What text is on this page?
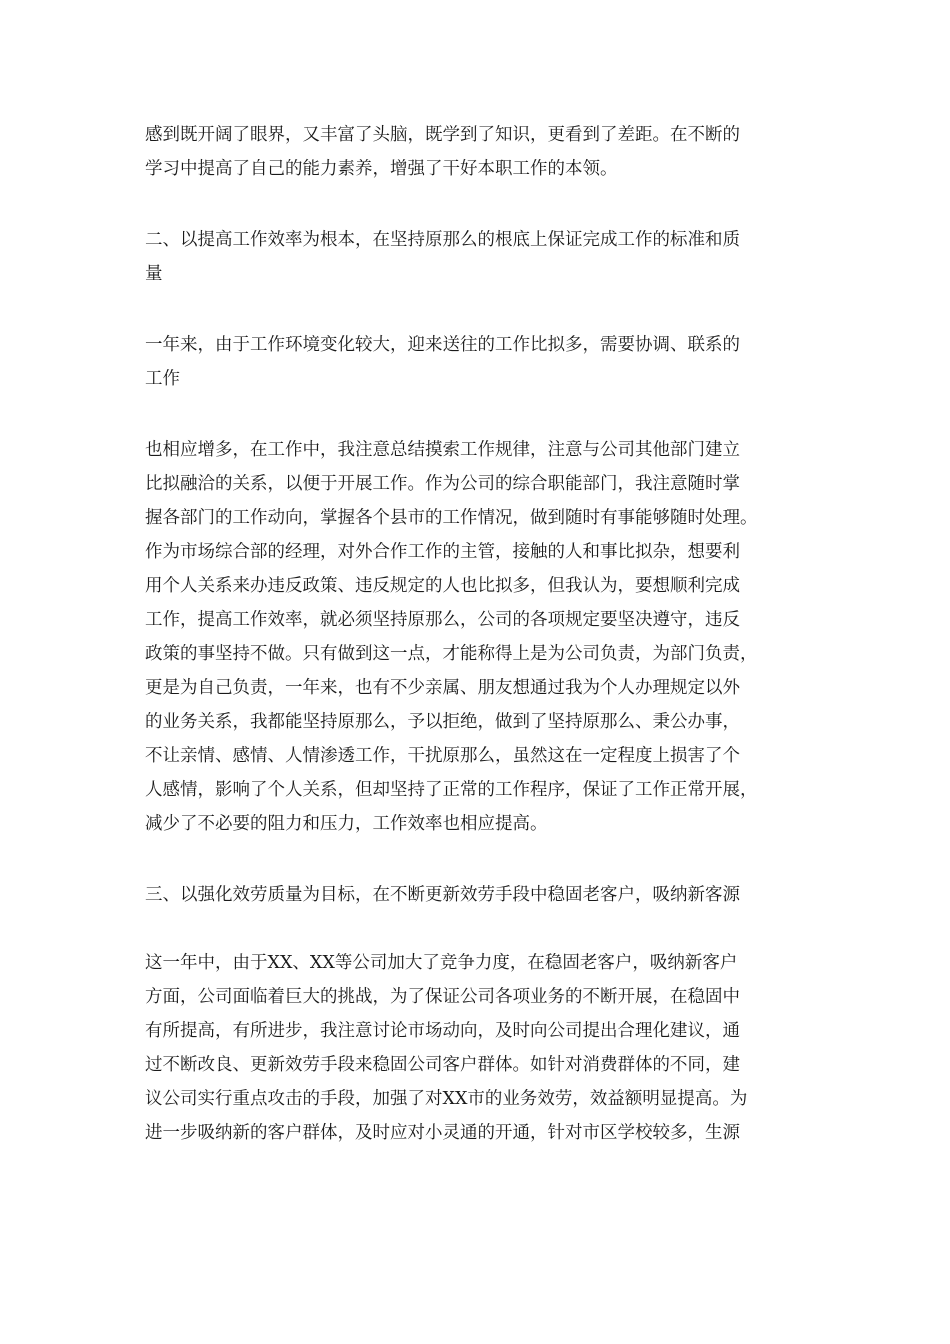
感到既开阔了眼界，又丰富了头脑，既学到了知识，更看到了差距。在不断的
学习中提高了自己的能力素养，增强了干好本职工作的本领。
二、以提高工作效率为根本，在坚持原那么的根底上保证完成工作的标准和质
量
一年来，由于工作环境变化较大，迎来送往的工作比拟多，需要协调、联系的
工作
也相应增多，在工作中，我注意总结摸索工作规律，注意与公司其他部门建立
比拟融洽的关系，以便于开展工作。作为公司的综合职能部门，我注意随时掌
握各部门的工作动向，掌握各个县市的工作情况，做到随时有事能够随时处理。
作为市场综合部的经理，对外合作工作的主管，接触的人和事比拟杂，想要利
用个人关系来办违反政策、违反规定的人也比拟多，但我认为，要想顺利完成
工作，提高工作效率，就必须坚持原那么，公司的各项规定要坚决遵守，违反
政策的事坚持不做。只有做到这一点，才能称得上是为公司负责，为部门负责，
更是为自己负责，一年来，也有不少亲属、朋友想通过我为个人办理规定以外
的业务关系，我都能坚持原那么，予以拒绝，做到了坚持原那么、秉公办事，
不让亲情、感情、人情渗透工作，干扰原那么，虽然这在一定程度上损害了个
人感情，影响了个人关系，但却坚持了正常的工作程序，保证了工作正常开展，
减少了不必要的阻力和压力，工作效率也相应提高。
三、以强化效劳质量为目标，在不断更新效劳手段中稳固老客户，吸纳新客源
这一年中，由于XX、XX等公司加大了竞争力度，在稳固老客户，吸纳新客户
方面，公司面临着巨大的挑战，为了保证公司各项业务的不断开展，在稳固中
有所提高，有所进步，我注意讨论市场动向，及时向公司提出合理化建议，通
过不断改良、更新效劳手段来稳固公司客户群体。如针对消费群体的不同，建
议公司实行重点攻击的手段，加强了对XX市的业务效劳，效益额明显提高。为
进一步吸纳新的客户群体，及时应对小灵通的开通，针对市区学校较多，生源
